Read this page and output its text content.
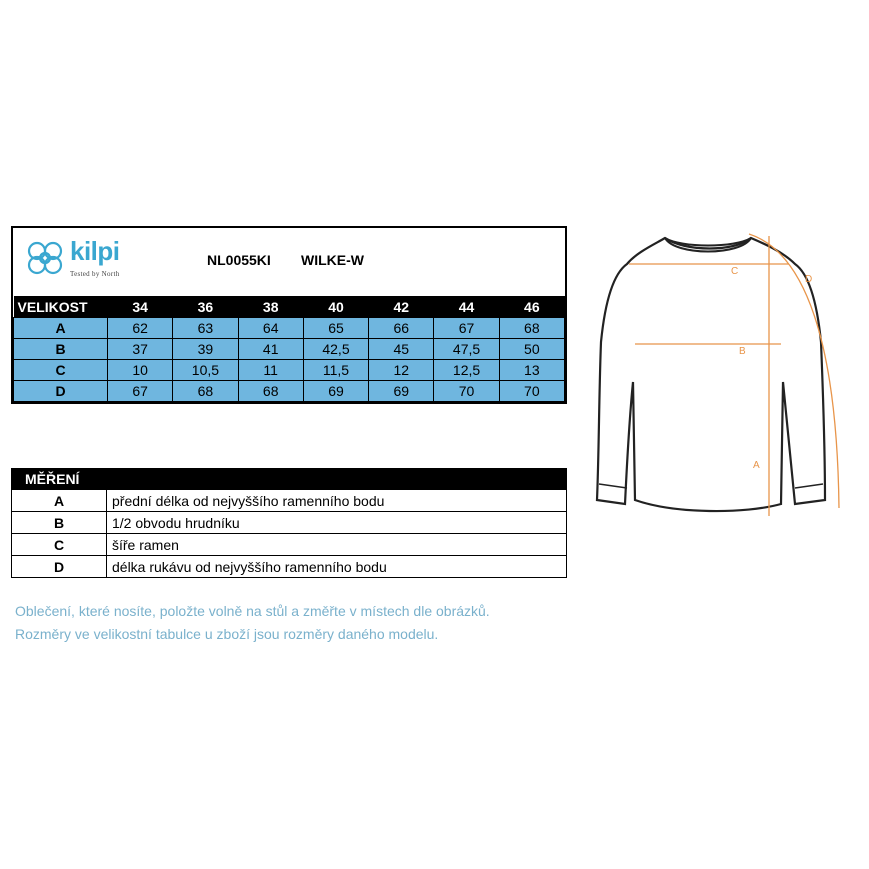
kilpi
Tested by North
NL0055KI WILKE-W
VELIKOST	34	36	38	40	42	44	46
A	62	63	64	65	66	67	68
B	37	39	41	42,5	45	47,5	50
C	10	10,5	11	11,5	12	12,5	13
D	67	68	68	69	69	70	70
MĚŘENÍ
A	přední délka od nejvyššího ramenního bodu
B	1/2 obvodu hrudníku
C	šíře ramen
D	délka rukávu od nejvyššího ramenního bodu
Oblečení, které nosíte, položte volně na stůl a změřte v místech dle obrázků.
Rozměry ve velikostní tabulce u zboží jsou rozměry daného modelu.
C
B
A
D
